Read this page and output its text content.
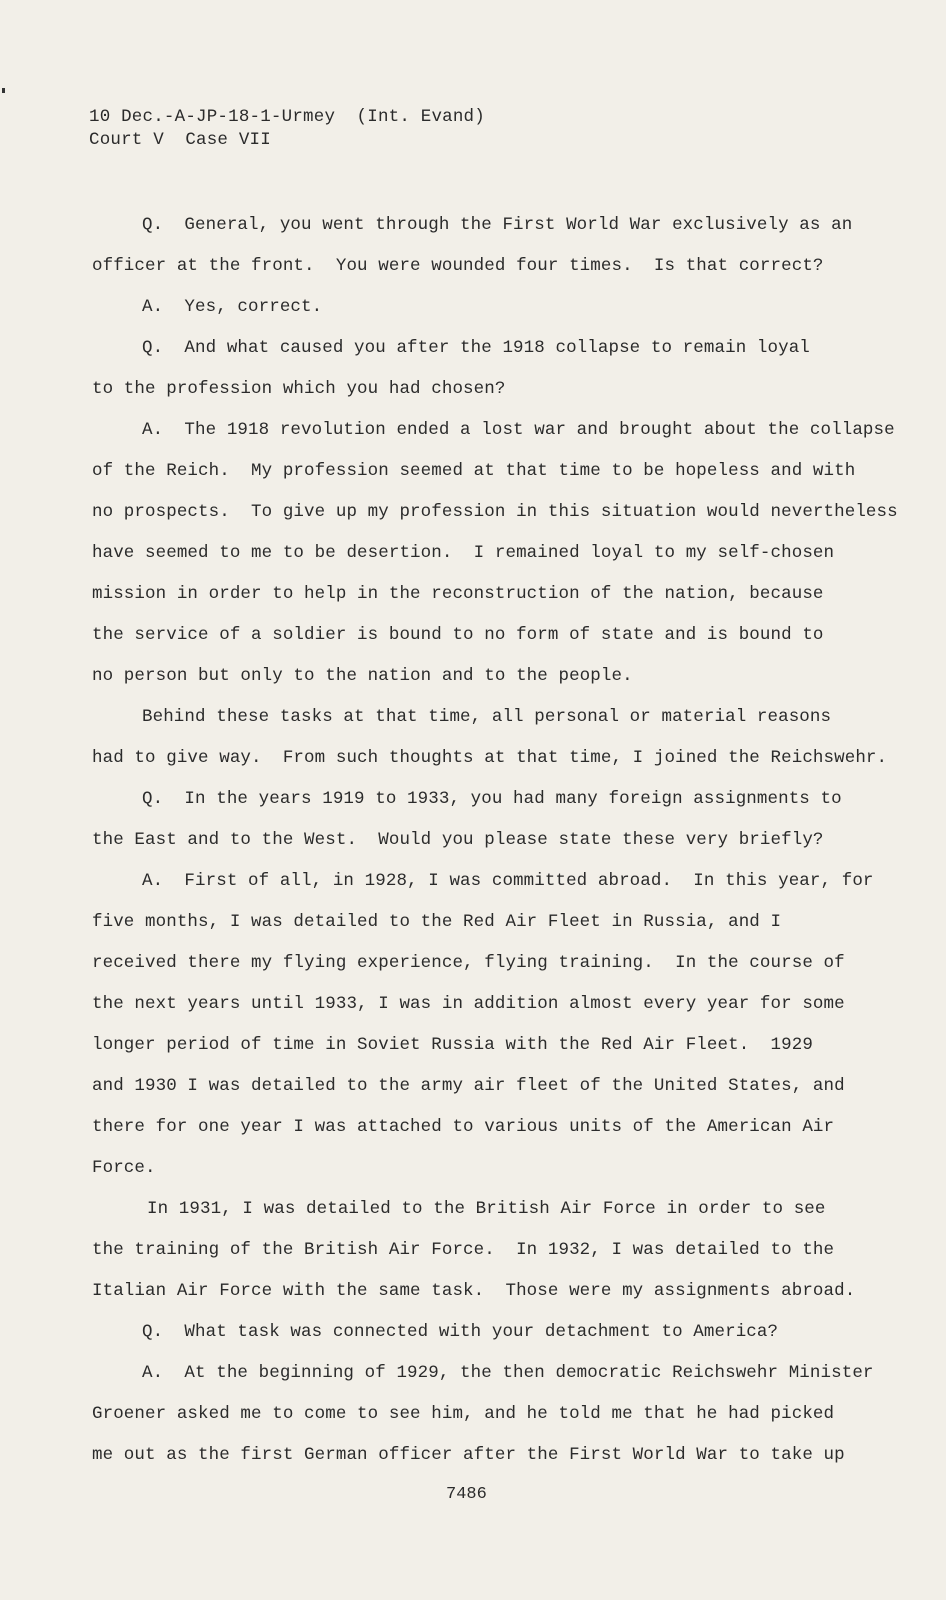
10 Dec.-A-JP-18-1-Urmey  (Int. Evand)
Court V  Case VII

Q.  General, you went through the First World War exclusively as an
officer at the front.  You were wounded four times.  Is that correct?

A.  Yes, correct.

Q.  And what caused you after the 1918 collapse to remain loyal
to the profession which you had chosen?

A.  The 1918 revolution ended a lost war and brought about the collapse
of the Reich.  My profession seemed at that time to be hopeless and with
no prospects.  To give up my profession in this situation would nevertheless
have seemed to me to be desertion.  I remained loyal to my self-chosen
mission in order to help in the reconstruction of the nation, because
the service of a soldier is bound to no form of state and is bound to
no person but only to the nation and to the people.

Behind these tasks at that time, all personal or material reasons
had to give way.  From such thoughts at that time, I joined the Reichswehr.

Q.  In the years 1919 to 1933, you had many foreign assignments to
the East and to the West.  Would you please state these very briefly?

A.  First of all, in 1928, I was committed abroad.  In this year, for
five months, I was detailed to the Red Air Fleet in Russia, and I
received there my flying experience, flying training.  In the course of
the next years until 1933, I was in addition almost every year for some
longer period of time in Soviet Russia with the Red Air Fleet.  1929
and 1930 I was detailed to the army air fleet of the United States, and
there for one year I was attached to various units of the American Air
Force.

In 1931, I was detailed to the British Air Force in order to see
the training of the British Air Force.  In 1932, I was detailed to the
Italian Air Force with the same task.  Those were my assignments abroad.

Q.  What task was connected with your detachment to America?

A.  At the beginning of 1929, the then democratic Reichswehr Minister
Groener asked me to come to see him, and he told me that he had picked
me out as the first German officer after the First World War to take up

7486
